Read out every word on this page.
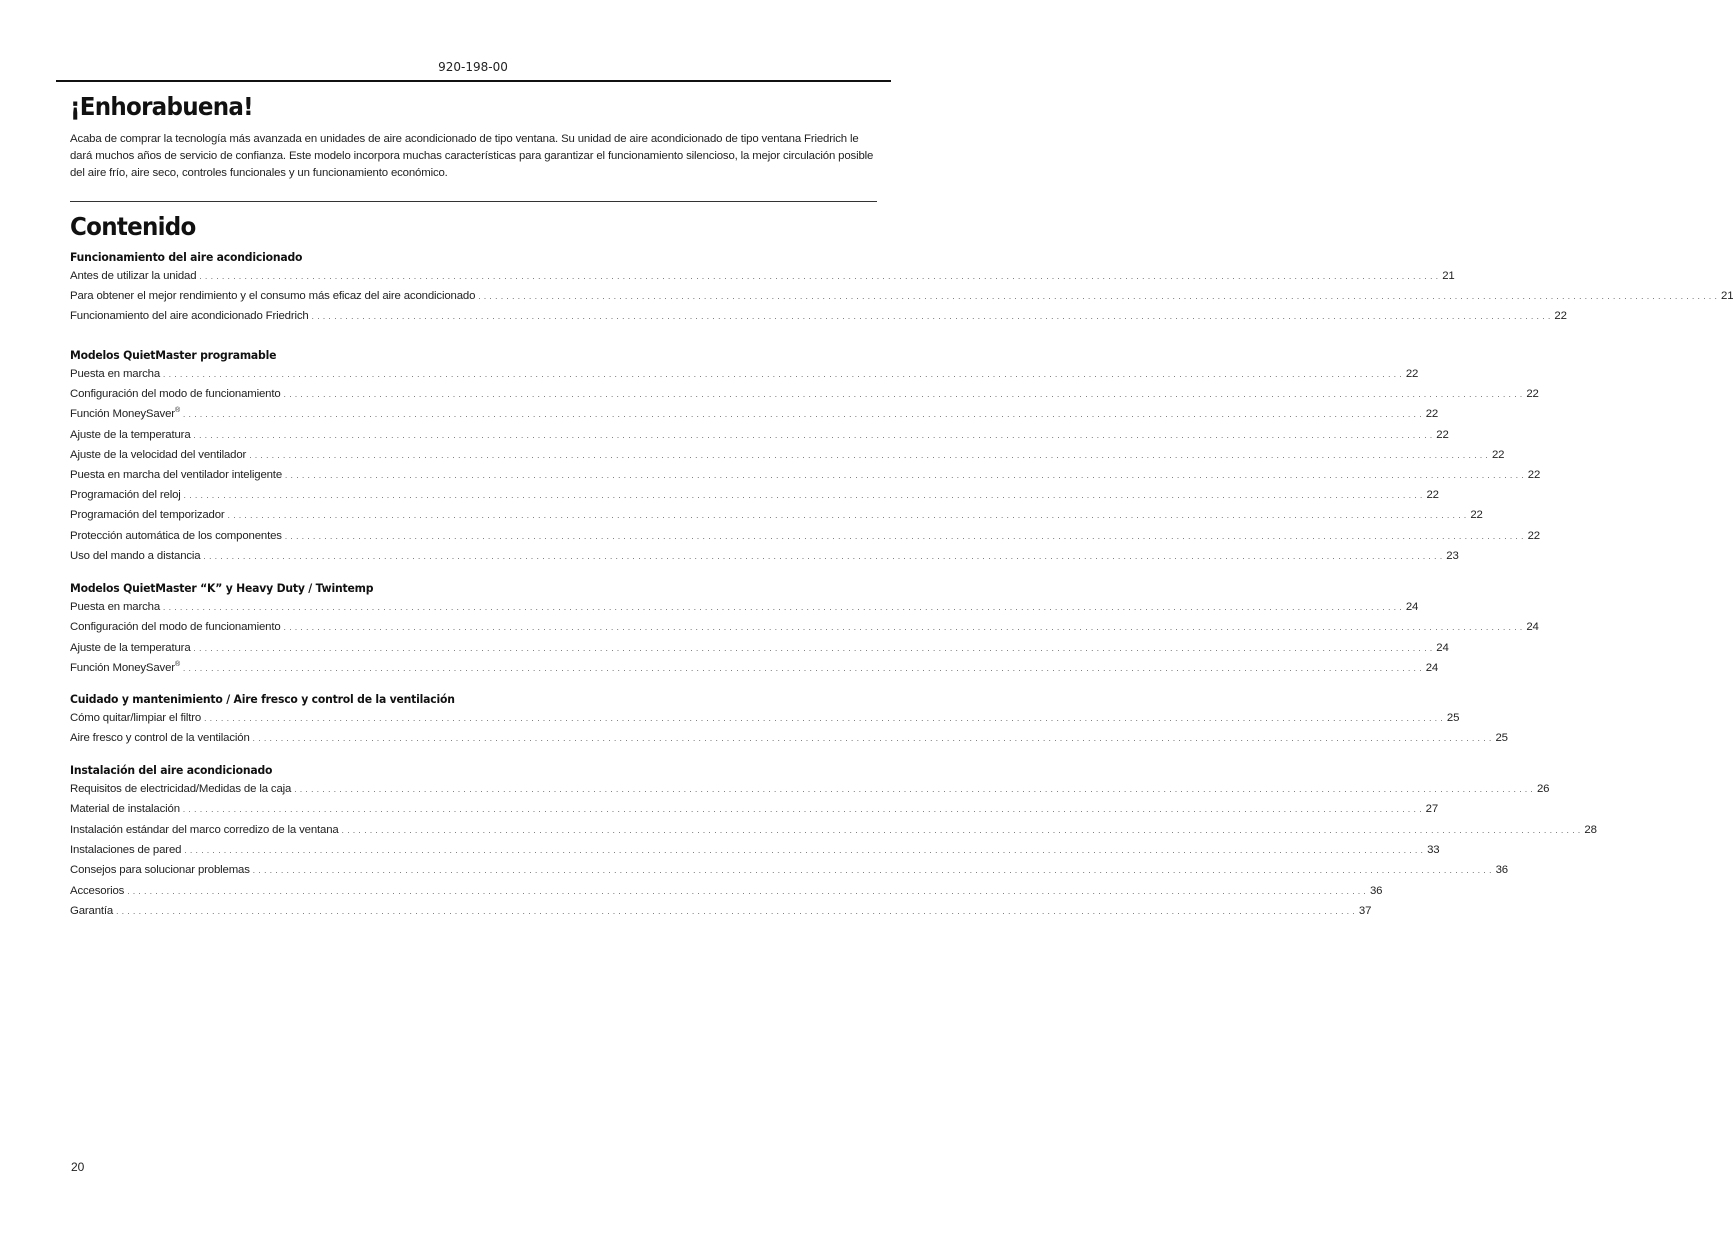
920-198-00
¡Enhorabuena!

Acaba de comprar la tecnología más avanzada en unidades de aire acondicionado de tipo ventana. Su unidad de aire acondicionado de tipo ventana Friedrich le dará muchos años de servicio de confianza. Este modelo incorpora muchas características para garantizar el funcionamiento silencioso, la mejor circulación posible del aire frío, aire seco, controles funcionales y un funcionamiento económico.

Contenido
Funcionamiento del aire acondicionado
Antes de utilizar la unidad . . . . . . . . . . . . . . . . . . . . . . . . . . . . . . . . . . . . . . . . . . . . . . . . . . . . . . . . . . . . . . . . . . . . . . . . . . . . . . . . . . . . . . . . . . . . . . . . . . . . . . . . . . . . . . . . . . . . . . . . . . . . . . . . . . . . . . . . . . . . . . . . . . . . . . . . . . . . . . . . . . . . . . . . . . . . . . . . . . . . . . . . . . . . . . . . . . . . . . . . . . . . . . . . . . . . . . . . . . . . 21
Para obtener el mejor rendimiento y el consumo más eficaz del aire acondicionado . . . . . . . . . . . . . . . . . . . . . . . . . . . . . . . . . . . . . . . . . . . . . . . . . . . . . . . . . . . . . . . . . . . . . . . . . . . . . . . . . . . . . . . . . . . . . . . . . . . . . . . . . . . . . . . . . . . . . . . . . . . . . . . . . . . . . . . . . . . . . . . . . . . . . . . . . . . . . . . . . . . . . . . . . . . . . . . . . . . . . . . . . . . . . . . . . . . . . . . . . . . . . . . . . . . . . . . . . . . . 21
Funcionamiento del aire acondicionado Friedrich . . . . . . . . . . . . . . . . . . . . . . . . . . . . . . . . . . . . . . . . . . . . . . . . . . . . . . . . . . . . . . . . . . . . . . . . . . . . . . . . . . . . . . . . . . . . . . . . . . . . . . . . . . . . . . . . . . . . . . . . . . . . . . . . . . . . . . . . . . . . . . . . . . . . . . . . . . . . . . . . . . . . . . . . . . . . . . . . . . . . . . . . . . . . . . . . . . . . . . . . . . . . . . . . . . . . . . . . . . . . 22
Modelos QuietMaster programable
Puesta en marcha . . . . . . . . . . . . . . . . . . . . . . . . . . . . . . . . . . . . . . . . . . . . . . . . . . . . . . . . . . . . . . . . . . . . . . . . . . . . . . . . . . . . . . . . . . . . . . . . . . . . . . . . . . . . . . . . . . . . . . . . . . . . . . . . . . . . . . . . . . . . . . . . . . . . . . . . . . . . . . . . . . . . . . . . . . . . . . . . . . . . . . . . . . . . . . . . . . . . . . . . . . . . . . . . . . . . . . . . . . . . 22
Configuración del modo de funcionamiento . . . . . . . . . . . . . . . . . . . . . . . . . . . . . . . . . . . . . . . . . . . . . . . . . . . . . . . . . . . . . . . . . . . . . . . . . . . . . . . . . . . . . . . . . . . . . . . . . . . . . . . . . . . . . . . . . . . . . . . . . . . . . . . . . . . . . . . . . . . . . . . . . . . . . . . . . . . . . . . . . . . . . . . . . . . . . . . . . . . . . . . . . . . . . . . . . . . . . . . . . . . . . . . . . . . . . . . . . . . . 22
Función MoneySaver® . . . . . . . . . . . . . . . . . . . . . . . . . . . . . . . . . . . . . . . . . . . . . . . . . . . . . . . . . . . . . . . . . . . . . . . . . . . . . . . . . . . . . . . . . . . . . . . . . . . . . . . . . . . . . . . . . . . . . . . . . . . . . . . . . . . . . . . . . . . . . . . . . . . . . . . . . . . . . . . . . . . . . . . . . . . . . . . . . . . . . . . . . . . . . . . . . . . . . . . . . . . . . . . . . . . . . . . . . . . . 22
Ajuste de la temperatura . . . . . . . . . . . . . . . . . . . . . . . . . . . . . . . . . . . . . . . . . . . . . . . . . . . . . . . . . . . . . . . . . . . . . . . . . . . . . . . . . . . . . . . . . . . . . . . . . . . . . . . . . . . . . . . . . . . . . . . . . . . . . . . . . . . . . . . . . . . . . . . . . . . . . . . . . . . . . . . . . . . . . . . . . . . . . . . . . . . . . . . . . . . . . . . . . . . . . . . . . . . . . . . . . . . . . . . . . . . . 22
Ajuste de la velocidad del ventilador . . . . . . . . . . . . . . . . . . . . . . . . . . . . . . . . . . . . . . . . . . . . . . . . . . . . . . . . . . . . . . . . . . . . . . . . . . . . . . . . . . . . . . . . . . . . . . . . . . . . . . . . . . . . . . . . . . . . . . . . . . . . . . . . . . . . . . . . . . . . . . . . . . . . . . . . . . . . . . . . . . . . . . . . . . . . . . . . . . . . . . . . . . . . . . . . . . . . . . . . . . . . . . . . . . . . . . . . . . . . 22
Puesta en marcha del ventilador inteligente . . . . . . . . . . . . . . . . . . . . . . . . . . . . . . . . . . . . . . . . . . . . . . . . . . . . . . . . . . . . . . . . . . . . . . . . . . . . . . . . . . . . . . . . . . . . . . . . . . . . . . . . . . . . . . . . . . . . . . . . . . . . . . . . . . . . . . . . . . . . . . . . . . . . . . . . . . . . . . . . . . . . . . . . . . . . . . . . . . . . . . . . . . . . . . . . . . . . . . . . . . . . . . . . . . . . . . . . . . . . 22
Programación del reloj . . . . . . . . . . . . . . . . . . . . . . . . . . . . . . . . . . . . . . . . . . . . . . . . . . . . . . . . . . . . . . . . . . . . . . . . . . . . . . . . . . . . . . . . . . . . . . . . . . . . . . . . . . . . . . . . . . . . . . . . . . . . . . . . . . . . . . . . . . . . . . . . . . . . . . . . . . . . . . . . . . . . . . . . . . . . . . . . . . . . . . . . . . . . . . . . . . . . . . . . . . . . . . . . . . . . . . . . . . . . 22
Programación del temporizador . . . . . . . . . . . . . . . . . . . . . . . . . . . . . . . . . . . . . . . . . . . . . . . . . . . . . . . . . . . . . . . . . . . . . . . . . . . . . . . . . . . . . . . . . . . . . . . . . . . . . . . . . . . . . . . . . . . . . . . . . . . . . . . . . . . . . . . . . . . . . . . . . . . . . . . . . . . . . . . . . . . . . . . . . . . . . . . . . . . . . . . . . . . . . . . . . . . . . . . . . . . . . . . . . . . . . . . . . . . . 22
Protección automática de los componentes . . . . . . . . . . . . . . . . . . . . . . . . . . . . . . . . . . . . . . . . . . . . . . . . . . . . . . . . . . . . . . . . . . . . . . . . . . . . . . . . . . . . . . . . . . . . . . . . . . . . . . . . . . . . . . . . . . . . . . . . . . . . . . . . . . . . . . . . . . . . . . . . . . . . . . . . . . . . . . . . . . . . . . . . . . . . . . . . . . . . . . . . . . . . . . . . . . . . . . . . . . . . . . . . . . . . . . . . . . . . 22
Uso del mando a distancia . . . . . . . . . . . . . . . . . . . . . . . . . . . . . . . . . . . . . . . . . . . . . . . . . . . . . . . . . . . . . . . . . . . . . . . . . . . . . . . . . . . . . . . . . . . . . . . . . . . . . . . . . . . . . . . . . . . . . . . . . . . . . . . . . . . . . . . . . . . . . . . . . . . . . . . . . . . . . . . . . . . . . . . . . . . . . . . . . . . . . . . . . . . . . . . . . . . . . . . . . . . . . . . . . . . . . . . . . . . . 23
Modelos QuietMaster “K” y Heavy Duty / Twintemp
Puesta en marcha . . . . . . . . . . . . . . . . . . . . . . . . . . . . . . . . . . . . . . . . . . . . . . . . . . . . . . . . . . . . . . . . . . . . . . . . . . . . . . . . . . . . . . . . . . . . . . . . . . . . . . . . . . . . . . . . . . . . . . . . . . . . . . . . . . . . . . . . . . . . . . . . . . . . . . . . . . . . . . . . . . . . . . . . . . . . . . . . . . . . . . . . . . . . . . . . . . . . . . . . . . . . . . . . . . . . . . . . . . . . 24
Configuración del modo de funcionamiento . . . . . . . . . . . . . . . . . . . . . . . . . . . . . . . . . . . . . . . . . . . . . . . . . . . . . . . . . . . . . . . . . . . . . . . . . . . . . . . . . . . . . . . . . . . . . . . . . . . . . . . . . . . . . . . . . . . . . . . . . . . . . . . . . . . . . . . . . . . . . . . . . . . . . . . . . . . . . . . . . . . . . . . . . . . . . . . . . . . . . . . . . . . . . . . . . . . . . . . . . . . . . . . . . . . . . . . . . . . . 24
Ajuste de la temperatura . . . . . . . . . . . . . . . . . . . . . . . . . . . . . . . . . . . . . . . . . . . . . . . . . . . . . . . . . . . . . . . . . . . . . . . . . . . . . . . . . . . . . . . . . . . . . . . . . . . . . . . . . . . . . . . . . . . . . . . . . . . . . . . . . . . . . . . . . . . . . . . . . . . . . . . . . . . . . . . . . . . . . . . . . . . . . . . . . . . . . . . . . . . . . . . . . . . . . . . . . . . . . . . . . . . . . . . . . . . . 24
Función MoneySaver® . . . . . . . . . . . . . . . . . . . . . . . . . . . . . . . . . . . . . . . . . . . . . . . . . . . . . . . . . . . . . . . . . . . . . . . . . . . . . . . . . . . . . . . . . . . . . . . . . . . . . . . . . . . . . . . . . . . . . . . . . . . . . . . . . . . . . . . . . . . . . . . . . . . . . . . . . . . . . . . . . . . . . . . . . . . . . . . . . . . . . . . . . . . . . . . . . . . . . . . . . . . . . . . . . . . . . . . . . . . . 24
Cuidado y mantenimiento / Aire fresco y control de la ventilación
Cómo quitar/limpiar el filtro . . . . . . . . . . . . . . . . . . . . . . . . . . . . . . . . . . . . . . . . . . . . . . . . . . . . . . . . . . . . . . . . . . . . . . . . . . . . . . . . . . . . . . . . . . . . . . . . . . . . . . . . . . . . . . . . . . . . . . . . . . . . . . . . . . . . . . . . . . . . . . . . . . . . . . . . . . . . . . . . . . . . . . . . . . . . . . . . . . . . . . . . . . . . . . . . . . . . . . . . . . . . . . . . . . . . . . . . . . . . 25
Aire fresco y control de la ventilación . . . . . . . . . . . . . . . . . . . . . . . . . . . . . . . . . . . . . . . . . . . . . . . . . . . . . . . . . . . . . . . . . . . . . . . . . . . . . . . . . . . . . . . . . . . . . . . . . . . . . . . . . . . . . . . . . . . . . . . . . . . . . . . . . . . . . . . . . . . . . . . . . . . . . . . . . . . . . . . . . . . . . . . . . . . . . . . . . . . . . . . . . . . . . . . . . . . . . . . . . . . . . . . . . . . . . . . . . . . . 25
Instalación del aire acondicionado
Requisitos de electricidad/Medidas de la caja . . . . . . . . . . . . . . . . . . . . . . . . . . . . . . . . . . . . . . . . . . . . . . . . . . . . . . . . . . . . . . . . . . . . . . . . . . . . . . . . . . . . . . . . . . . . . . . . . . . . . . . . . . . . . . . . . . . . . . . . . . . . . . . . . . . . . . . . . . . . . . . . . . . . . . . . . . . . . . . . . . . . . . . . . . . . . . . . . . . . . . . . . . . . . . . . . . . . . . . . . . . . . . . . . . . . . . . . . . . . 26
Material de instalación . . . . . . . . . . . . . . . . . . . . . . . . . . . . . . . . . . . . . . . . . . . . . . . . . . . . . . . . . . . . . . . . . . . . . . . . . . . . . . . . . . . . . . . . . . . . . . . . . . . . . . . . . . . . . . . . . . . . . . . . . . . . . . . . . . . . . . . . . . . . . . . . . . . . . . . . . . . . . . . . . . . . . . . . . . . . . . . . . . . . . . . . . . . . . . . . . . . . . . . . . . . . . . . . . . . . . . . . . . . . 27
Instalación estándar del marco corredizo de la ventana . . . . . . . . . . . . . . . . . . . . . . . . . . . . . . . . . . . . . . . . . . . . . . . . . . . . . . . . . . . . . . . . . . . . . . . . . . . . . . . . . . . . . . . . . . . . . . . . . . . . . . . . . . . . . . . . . . . . . . . . . . . . . . . . . . . . . . . . . . . . . . . . . . . . . . . . . . . . . . . . . . . . . . . . . . . . . . . . . . . . . . . . . . . . . . . . . . . . . . . . . . . . . . . . . . . . . . . . . . . . 28
Instalaciones de pared . . . . . . . . . . . . . . . . . . . . . . . . . . . . . . . . . . . . . . . . . . . . . . . . . . . . . . . . . . . . . . . . . . . . . . . . . . . . . . . . . . . . . . . . . . . . . . . . . . . . . . . . . . . . . . . . . . . . . . . . . . . . . . . . . . . . . . . . . . . . . . . . . . . . . . . . . . . . . . . . . . . . . . . . . . . . . . . . . . . . . . . . . . . . . . . . . . . . . . . . . . . . . . . . . . . . . . . . . . . . 33
Consejos para solucionar problemas . . . . . . . . . . . . . . . . . . . . . . . . . . . . . . . . . . . . . . . . . . . . . . . . . . . . . . . . . . . . . . . . . . . . . . . . . . . . . . . . . . . . . . . . . . . . . . . . . . . . . . . . . . . . . . . . . . . . . . . . . . . . . . . . . . . . . . . . . . . . . . . . . . . . . . . . . . . . . . . . . . . . . . . . . . . . . . . . . . . . . . . . . . . . . . . . . . . . . . . . . . . . . . . . . . . . . . . . . . . . 36
Accesorios . . . . . . . . . . . . . . . . . . . . . . . . . . . . . . . . . . . . . . . . . . . . . . . . . . . . . . . . . . . . . . . . . . . . . . . . . . . . . . . . . . . . . . . . . . . . . . . . . . . . . . . . . . . . . . . . . . . . . . . . . . . . . . . . . . . . . . . . . . . . . . . . . . . . . . . . . . . . . . . . . . . . . . . . . . . . . . . . . . . . . . . . . . . . . . . . . . . . . . . . . . . . . . . . . . . . . . . . . . . . 36
Garantía . . . . . . . . . . . . . . . . . . . . . . . . . . . . . . . . . . . . . . . . . . . . . . . . . . . . . . . . . . . . . . . . . . . . . . . . . . . . . . . . . . . . . . . . . . . . . . . . . . . . . . . . . . . . . . . . . . . . . . . . . . . . . . . . . . . . . . . . . . . . . . . . . . . . . . . . . . . . . . . . . . . . . . . . . . . . . . . . . . . . . . . . . . . . . . . . . . . . . . . . . . . . . . . . . . . . . . . . . . . . 37
20
